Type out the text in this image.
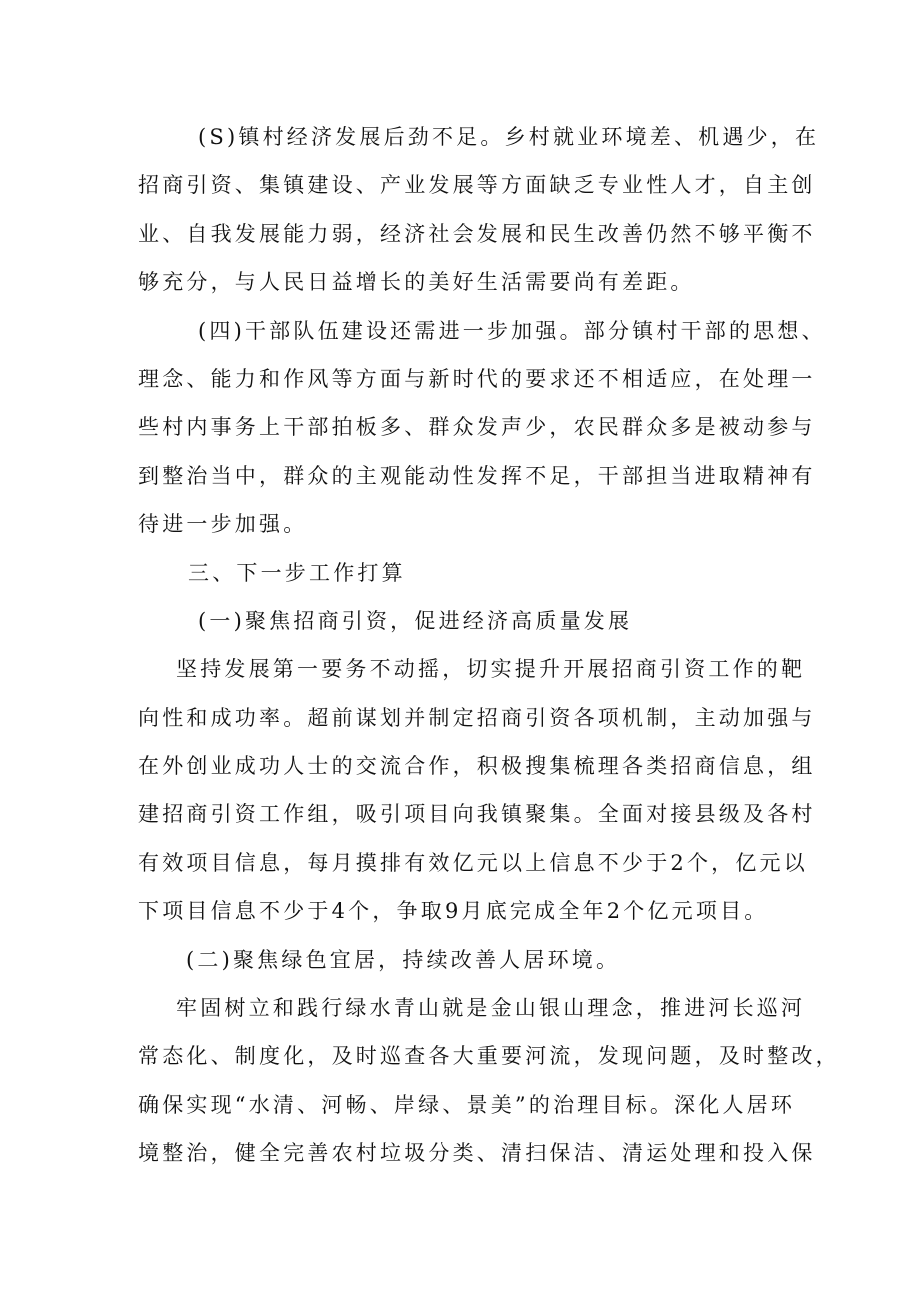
(S)镇村经济发展后劲不足。乡村就业环境差、机遇少，在
招商引资、集镇建设、产业发展等方面缺乏专业性人才，自主创
业、自我发展能力弱，经济社会发展和民生改善仍然不够平衡不
够充分，与人民日益增长的美好生活需要尚有差距。
(四)干部队伍建设还需进一步加强。部分镇村干部的思想、
理念、能力和作风等方面与新时代的要求还不相适应，在处理一
些村内事务上干部拍板多、群众发声少，农民群众多是被动参与
到整治当中，群众的主观能动性发挥不足，干部担当进取精神有
待进一步加强。
三、下一步工作打算
(一)聚焦招商引资，促进经济高质量发展
坚持发展第一要务不动摇，切实提升开展招商引资工作的靶
向性和成功率。超前谋划并制定招商引资各项机制，主动加强与
在外创业成功人士的交流合作，积极搜集梳理各类招商信息，组
建招商引资工作组，吸引项目向我镇聚集。全面对接县级及各村
有效项目信息，每月摸排有效亿元以上信息不少于2个，亿元以
下项目信息不少于4个，争取9月底完成全年2个亿元项目。
(二)聚焦绿色宜居，持续改善人居环境。
牢固树立和践行绿水青山就是金山银山理念，推进河长巡河
常态化、制度化，及时巡查各大重要河流，发现问题，及时整改，
确保实现“水清、河畅、岸绿、景美”的治理目标。深化人居环
境整治，健全完善农村垃圾分类、清扫保洁、清运处理和投入保
